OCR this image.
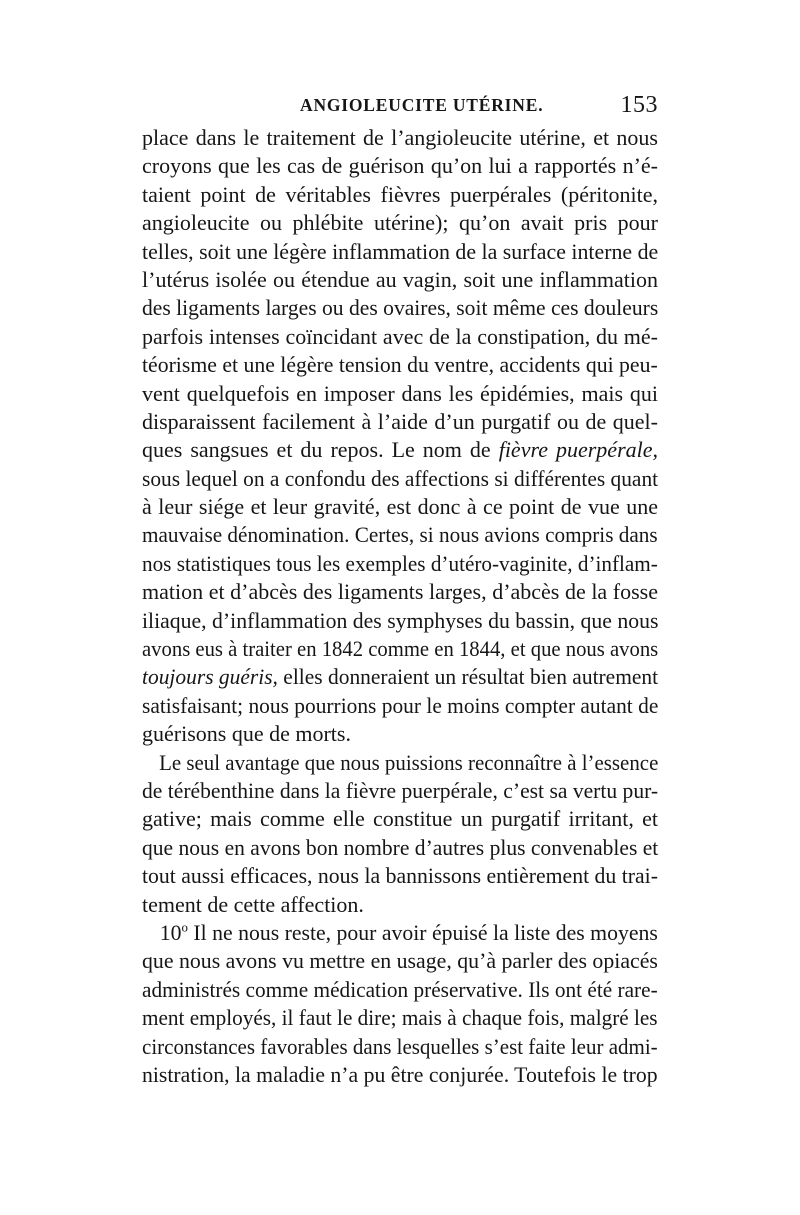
ANGIOLEUCITE UTÉRINE.	153
place dans le traitement de l’angioleucite utérine, et nous
croyons que les cas de guérison qu’on lui a rapportés n’é-
taient point de véritables fièvres puerpérales (péritonite,
angioleucite ou phlébite utérine); qu’on avait pris pour
telles, soit une légère inflammation de la surface interne de
l’utérus isolée ou étendue au vagin, soit une inflammation
des ligaments larges ou des ovaires, soit même ces douleurs
parfois intenses coïncidant avec de la constipation, du mé-
téorisme et une légère tension du ventre, accidents qui peu-
vent quelquefois en imposer dans les épidémies, mais qui
disparaissent facilement à l’aide d’un purgatif ou de quel-
ques sangsues et du repos. Le nom de fièvre puerpérale,
sous lequel on a confondu des affections si différentes quant
à leur siége et leur gravité, est donc à ce point de vue une
mauvaise dénomination. Certes, si nous avions compris dans
nos statistiques tous les exemples d’utéro-vaginite, d’inflam-
mation et d’abcès des ligaments larges, d’abcès de la fosse
iliaque, d’inflammation des symphyses du bassin, que nous
avons eus à traiter en 1842 comme en 1844, et que nous avons
toujours guéris, elles donneraient un résultat bien autrement
satisfaisant; nous pourrions pour le moins compter autant de
guérisons que de morts.
Le seul avantage que nous puissions reconnaître à l’essence
de térébenthine dans la fièvre puerpérale, c’est sa vertu pur-
gative; mais comme elle constitue un purgatif irritant, et
que nous en avons bon nombre d’autres plus convenables et
tout aussi efficaces, nous la bannissons entièrement du trai-
tement de cette affection.
10$^o$ Il ne nous reste, pour avoir épuisé la liste des moyens
que nous avons vu mettre en usage, qu’à parler des opiacés
administrés comme médication préservative. Ils ont été rare-
ment employés, il faut le dire; mais à chaque fois, malgré les
circonstances favorables dans lesquelles s’est faite leur admi-
nistration, la maladie n’a pu être conjurée. Toutefois le trop
